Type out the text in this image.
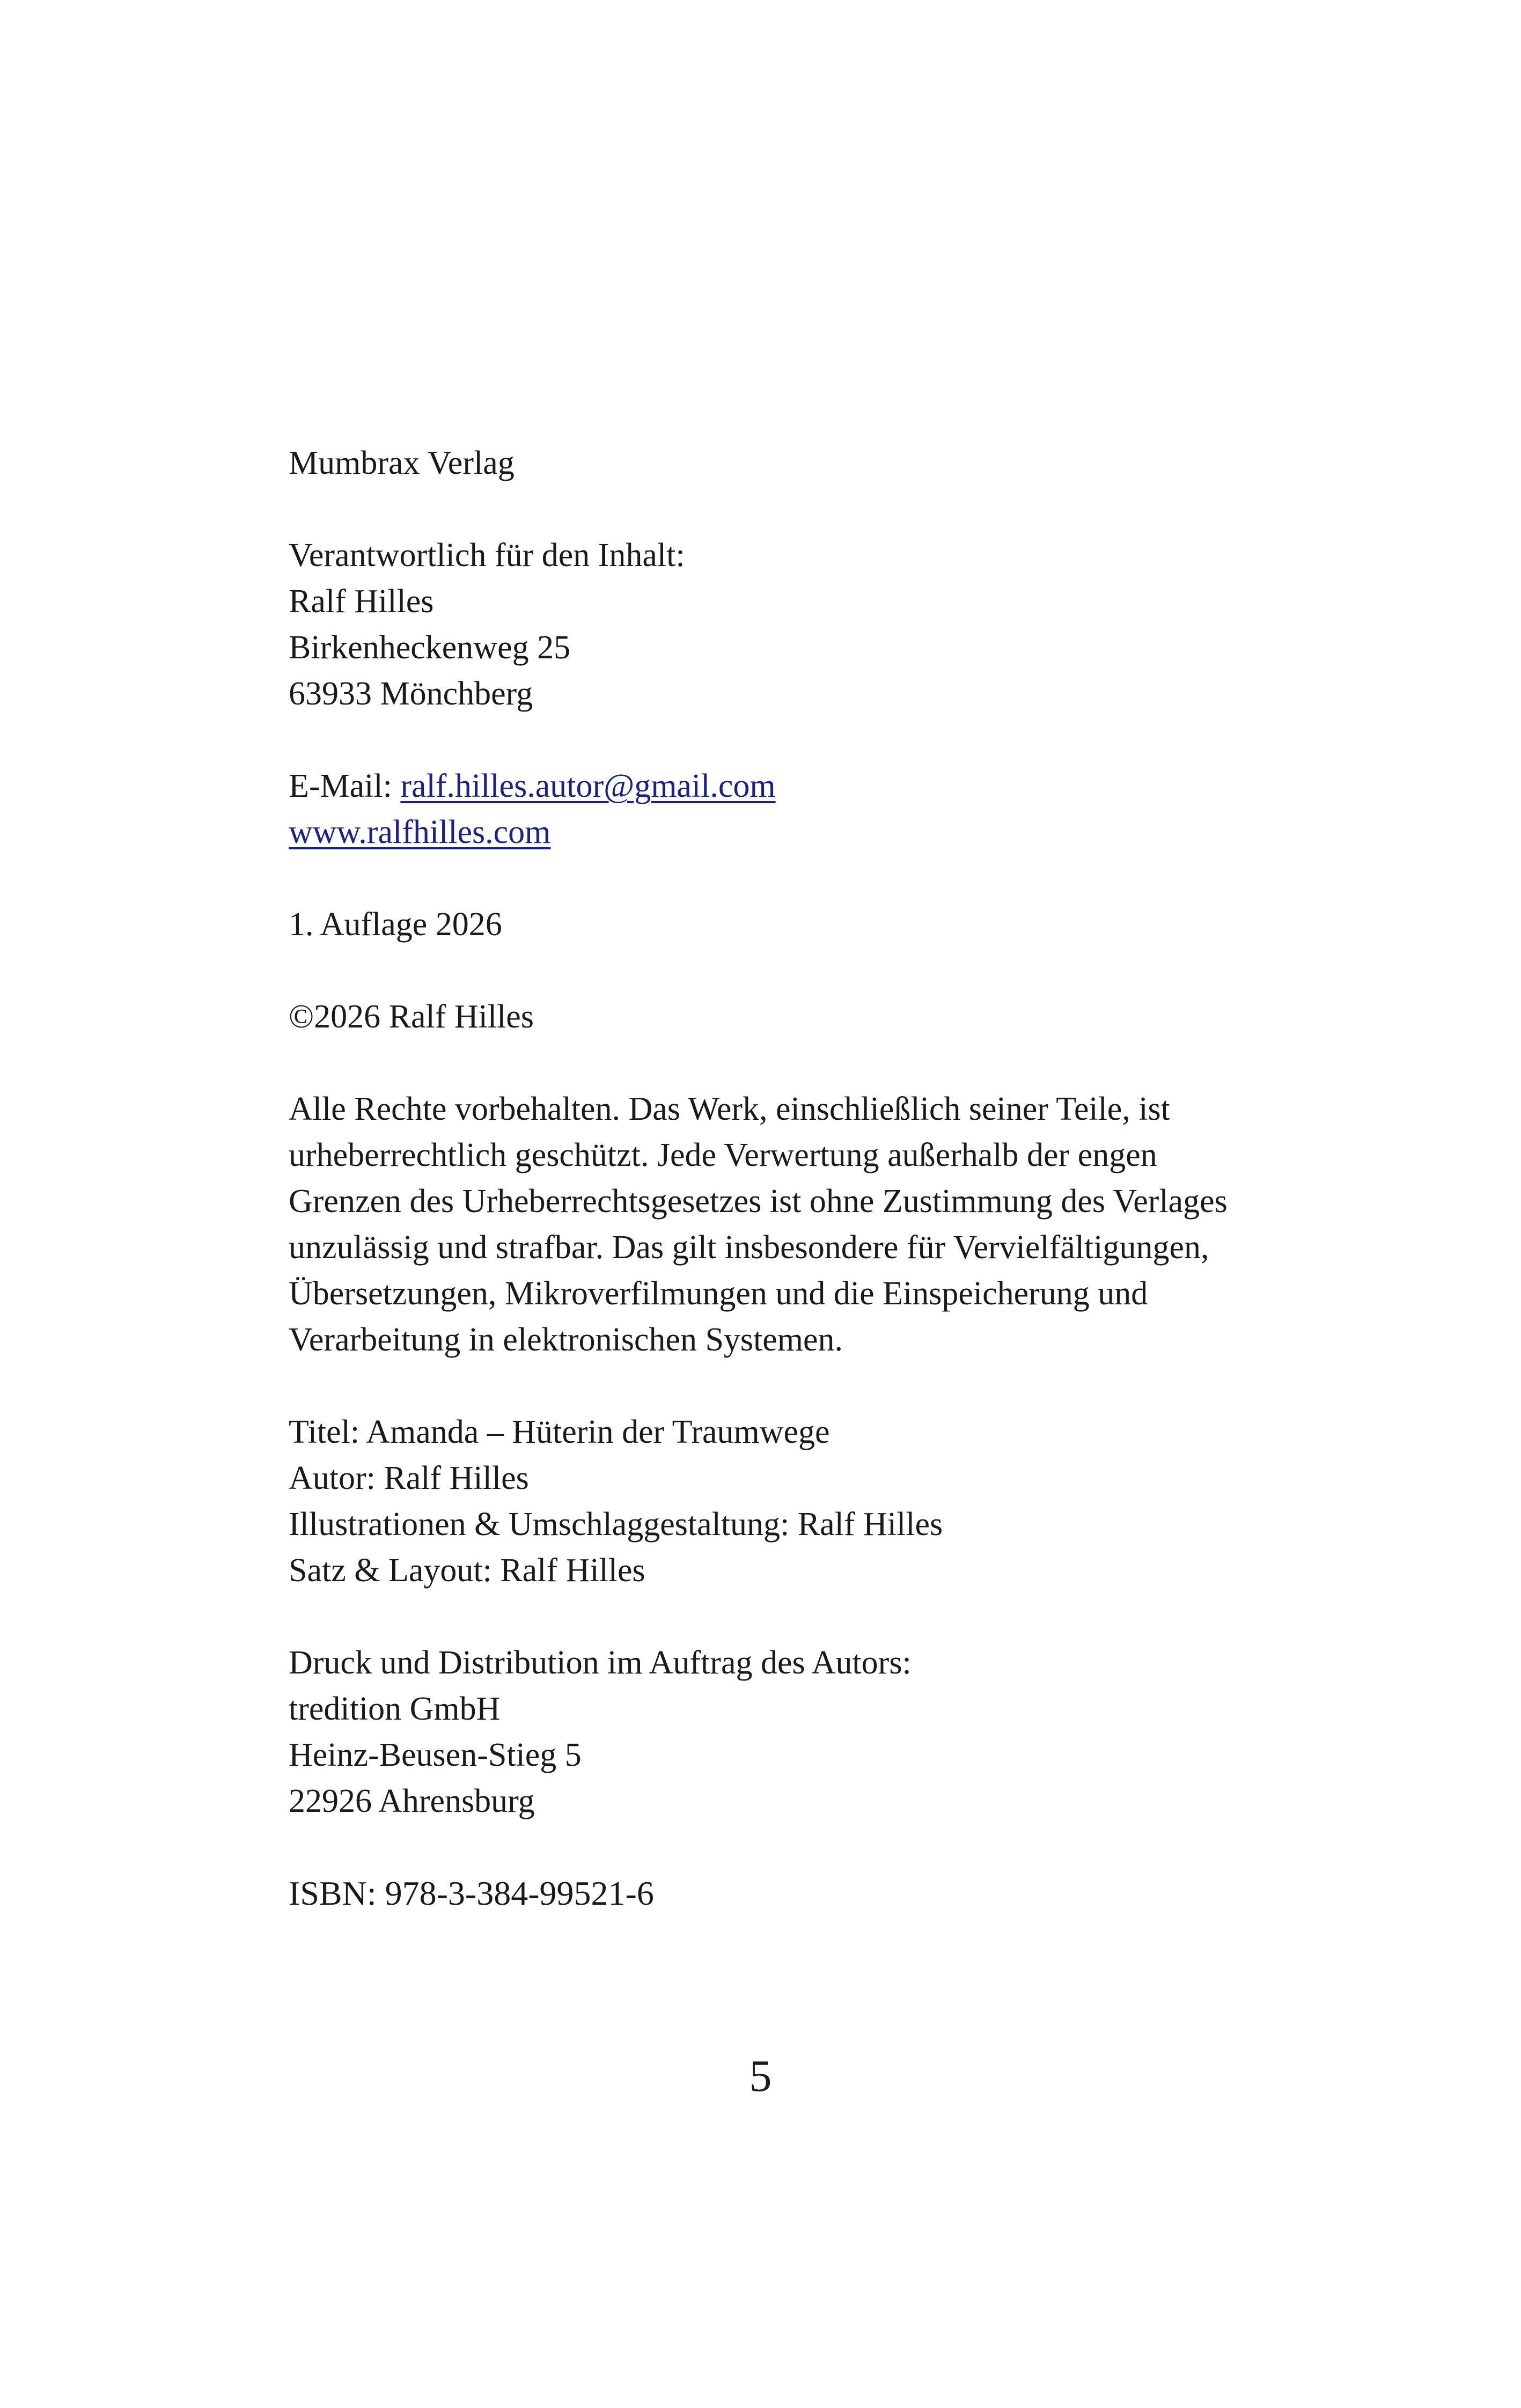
Mumbrax Verlag
Verantwortlich für den Inhalt:
Ralf Hilles
Birkenheckenweg 25
63933 Mönchberg
E-Mail: ralf.hilles.autor@gmail.com
www.ralfhilles.com
1. Auflage 2026
©2026 Ralf Hilles
Alle Rechte vorbehalten. Das Werk, einschließlich seiner Teile, ist urheberrechtlich geschützt. Jede Verwertung außerhalb der engen Grenzen des Urheberrechtsgesetzes ist ohne Zustimmung des Verlages unzulässig und strafbar. Das gilt insbesondere für Vervielfältigungen, Übersetzungen, Mikroverfilmungen und die Einspeicherung und Verarbeitung in elektronischen Systemen.
Titel: Amanda – Hüterin der Traumwege
Autor: Ralf Hilles
Illustrationen & Umschlaggestaltung: Ralf Hilles
Satz & Layout: Ralf Hilles
Druck und Distribution im Auftrag des Autors:
tredition GmbH
Heinz-Beusen-Stieg 5
22926 Ahrensburg
ISBN: 978-3-384-99521-6
5
